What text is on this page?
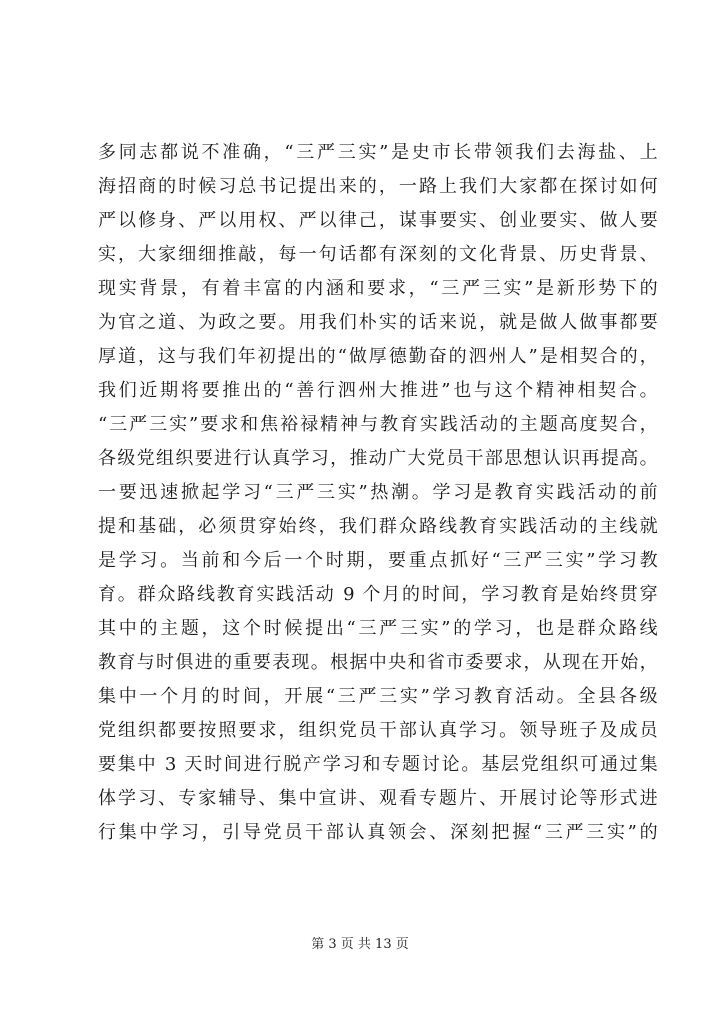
多同志都说不准确，“三严三实”是史市长带领我们去海盐、上
海招商的时候习总书记提出来的，一路上我们大家都在探讨如何
严以修身、严以用权、严以律己，谋事要实、创业要实、做人要
实，大家细细推敲，每一句话都有深刻的文化背景、历史背景、
现实背景，有着丰富的内涵和要求，“三严三实”是新形势下的
为官之道、为政之要。用我们朴实的话来说，就是做人做事都要
厚道，这与我们年初提出的“做厚德勤奋的泗州人”是相契合的，
我们近期将要推出的“善行泗州大推进”也与这个精神相契合。
“三严三实”要求和焦裕禄精神与教育实践活动的主题高度契合，
各级党组织要进行认真学习，推动广大党员干部思想认识再提高。
一要迅速掀起学习“三严三实”热潮。学习是教育实践活动的前
提和基础，必须贯穿始终，我们群众路线教育实践活动的主线就
是学习。当前和今后一个时期，要重点抓好“三严三实”学习教
育。群众路线教育实践活动 9 个月的时间，学习教育是始终贯穿
其中的主题，这个时候提出“三严三实”的学习，也是群众路线
教育与时俱进的重要表现。根据中央和省市委要求，从现在开始，
集中一个月的时间，开展“三严三实”学习教育活动。全县各级
党组织都要按照要求，组织党员干部认真学习。领导班子及成员
要集中 3 天时间进行脱产学习和专题讨论。基层党组织可通过集
体学习、专家辅导、集中宣讲、观看专题片、开展讨论等形式进
行集中学习，引导党员干部认真领会、深刻把握“三严三实”的
第 3 页 共 13 页
